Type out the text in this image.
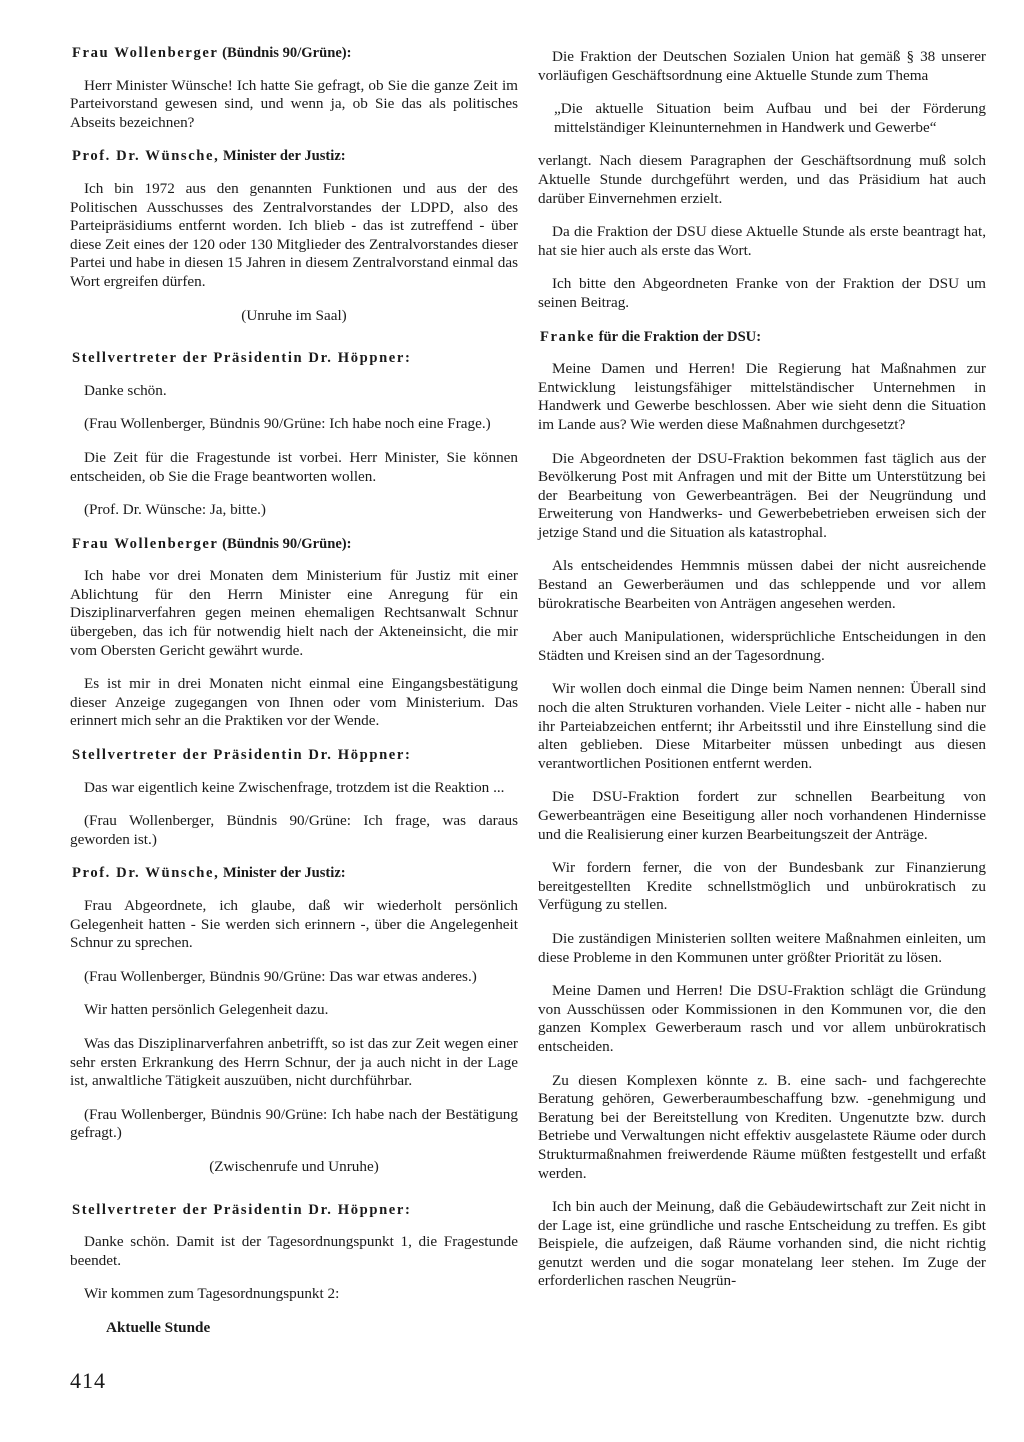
Frau Wollenberger (Bündnis 90/Grüne):

Herr Minister Wünsche! Ich hatte Sie gefragt, ob Sie die ganze Zeit im Parteivorstand gewesen sind, und wenn ja, ob Sie das als politisches Abseits bezeichnen?

Prof. Dr. Wünsche, Minister der Justiz:

Ich bin 1972 aus den genannten Funktionen und aus der des Politischen Ausschusses des Zentralvorstandes der LDPD, also des Parteipräsidiums entfernt worden. Ich blieb - das ist zutreffend - über diese Zeit eines der 120 oder 130 Mitglieder des Zentralvorstandes dieser Partei und habe in diesen 15 Jahren in diesem Zentralvorstand einmal das Wort ergreifen dürfen.

(Unruhe im Saal)

Stellvertreter der Präsidentin Dr. Höppner:

Danke schön.

(Frau Wollenberger, Bündnis 90/Grüne: Ich habe noch eine Frage.)

Die Zeit für die Fragestunde ist vorbei. Herr Minister, Sie können entscheiden, ob Sie die Frage beantworten wollen.

(Prof. Dr. Wünsche: Ja, bitte.)

Frau Wollenberger (Bündnis 90/Grüne):

Ich habe vor drei Monaten dem Ministerium für Justiz mit einer Ablichtung für den Herrn Minister eine Anregung für ein Disziplinarverfahren gegen meinen ehemaligen Rechtsanwalt Schnur übergeben, das ich für notwendig hielt nach der Akteneinsicht, die mir vom Obersten Gericht gewährt wurde.

Es ist mir in drei Monaten nicht einmal eine Eingangsbestätigung dieser Anzeige zugegangen von Ihnen oder vom Ministerium. Das erinnert mich sehr an die Praktiken vor der Wende.

Stellvertreter der Präsidentin Dr. Höppner:

Das war eigentlich keine Zwischenfrage, trotzdem ist die Reaktion ...

(Frau Wollenberger, Bündnis 90/Grüne: Ich frage, was daraus geworden ist.)

Prof. Dr. Wünsche, Minister der Justiz:

Frau Abgeordnete, ich glaube, daß wir wiederholt persönlich Gelegenheit hatten - Sie werden sich erinnern -, über die Angelegenheit Schnur zu sprechen.

(Frau Wollenberger, Bündnis 90/Grüne: Das war etwas anderes.)

Wir hatten persönlich Gelegenheit dazu.

Was das Disziplinarverfahren anbetrifft, so ist das zur Zeit wegen einer sehr ersten Erkrankung des Herrn Schnur, der ja auch nicht in der Lage ist, anwaltliche Tätigkeit auszuüben, nicht durchführbar.

(Frau Wollenberger, Bündnis 90/Grüne: Ich habe nach der Bestätigung gefragt.)

(Zwischenrufe und Unruhe)

Stellvertreter der Präsidentin Dr. Höppner:

Danke schön. Damit ist der Tagesordnungspunkt 1, die Fragestunde beendet.

Wir kommen zum Tagesordnungspunkt 2:

Aktuelle Stunde

Die Fraktion der Deutschen Sozialen Union hat gemäß § 38 unserer vorläufigen Geschäftsordnung eine Aktuelle Stunde zum Thema

„Die aktuelle Situation beim Aufbau und bei der Förderung mittelständiger Kleinunternehmen in Handwerk und Gewerbe“

verlangt. Nach diesem Paragraphen der Geschäftsordnung muß solch Aktuelle Stunde durchgeführt werden, und das Präsidium hat auch darüber Einvernehmen erzielt.

Da die Fraktion der DSU diese Aktuelle Stunde als erste beantragt hat, hat sie hier auch als erste das Wort.

Ich bitte den Abgeordneten Franke von der Fraktion der DSU um seinen Beitrag.

Franke für die Fraktion der DSU:

Meine Damen und Herren! Die Regierung hat Maßnahmen zur Entwicklung leistungsfähiger mittelständischer Unternehmen in Handwerk und Gewerbe beschlossen. Aber wie sieht denn die Situation im Lande aus? Wie werden diese Maßnahmen durchgesetzt?

Die Abgeordneten der DSU-Fraktion bekommen fast täglich aus der Bevölkerung Post mit Anfragen und mit der Bitte um Unterstützung bei der Bearbeitung von Gewerbeanträgen. Bei der Neugründung und Erweiterung von Handwerks- und Gewerbebetrieben erweisen sich der jetzige Stand und die Situation als katastrophal.

Als entscheidendes Hemmnis müssen dabei der nicht ausreichende Bestand an Gewerberäumen und das schleppende und vor allem bürokratische Bearbeiten von Anträgen angesehen werden.

Aber auch Manipulationen, widersprüchliche Entscheidungen in den Städten und Kreisen sind an der Tagesordnung.

Wir wollen doch einmal die Dinge beim Namen nennen: Überall sind noch die alten Strukturen vorhanden. Viele Leiter - nicht alle - haben nur ihr Parteiabzeichen entfernt; ihr Arbeitsstil und ihre Einstellung sind die alten geblieben. Diese Mitarbeiter müssen unbedingt aus diesen verantwortlichen Positionen entfernt werden.

Die DSU-Fraktion fordert zur schnellen Bearbeitung von Gewerbeanträgen eine Beseitigung aller noch vorhandenen Hindernisse und die Realisierung einer kurzen Bearbeitungszeit der Anträge.

Wir fordern ferner, die von der Bundesbank zur Finanzierung bereitgestellten Kredite schnellstmöglich und unbürokratisch zu Verfügung zu stellen.

Die zuständigen Ministerien sollten weitere Maßnahmen einleiten, um diese Probleme in den Kommunen unter größter Priorität zu lösen.

Meine Damen und Herren! Die DSU-Fraktion schlägt die Gründung von Ausschüssen oder Kommissionen in den Kommunen vor, die den ganzen Komplex Gewerberaum rasch und vor allem unbürokratisch entscheiden.

Zu diesen Komplexen könnte z. B. eine sach- und fachgerechte Beratung gehören, Gewerberaumbeschaffung bzw. -genehmigung und Beratung bei der Bereitstellung von Krediten. Ungenutzte bzw. durch Betriebe und Verwaltungen nicht effektiv ausgelastete Räume oder durch Strukturmaßnahmen freiwerdende Räume müßten festgestellt und erfaßt werden.

Ich bin auch der Meinung, daß die Gebäudewirtschaft zur Zeit nicht in der Lage ist, eine gründliche und rasche Entscheidung zu treffen. Es gibt Beispiele, die aufzeigen, daß Räume vorhanden sind, die nicht richtig genutzt werden und die sogar monatelang leer stehen. Im Zuge der erforderlichen raschen Neugrün-

414
